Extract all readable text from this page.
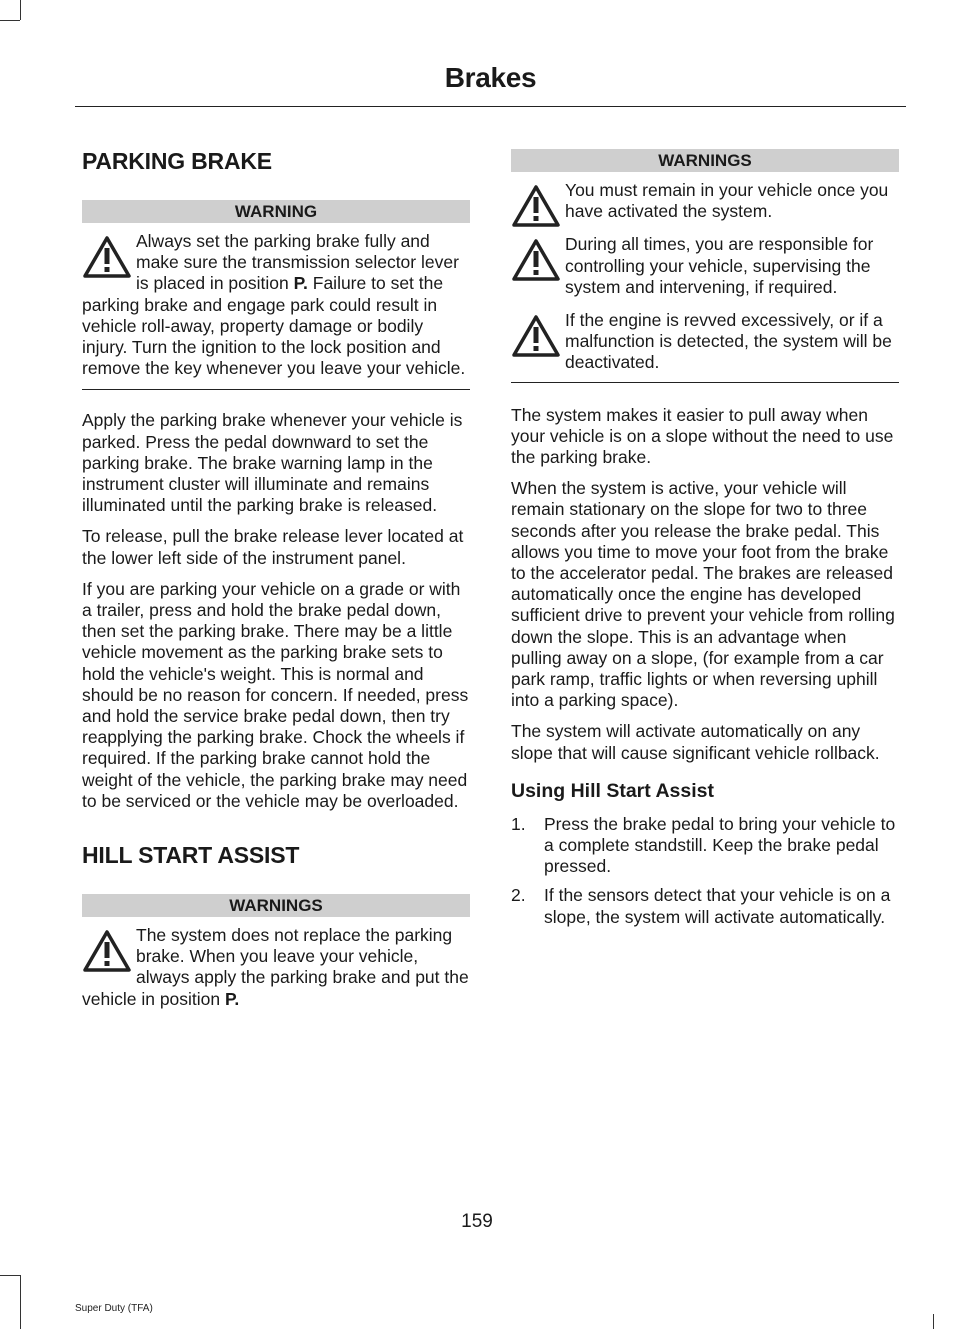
Brakes
PARKING BRAKE
WARNING
Always set the parking brake fully and make sure the transmission selector lever is placed in position P. Failure to set the parking brake and engage park could result in vehicle roll-away, property damage or bodily injury. Turn the ignition to the lock position and remove the key whenever you leave your vehicle.

Apply the parking brake whenever your vehicle is parked. Press the pedal downward to set the parking brake. The brake warning lamp in the instrument cluster will illuminate and remains illuminated until the parking brake is released.

To release, pull the brake release lever located at the lower left side of the instrument panel.

If you are parking your vehicle on a grade or with a trailer, press and hold the brake pedal down, then set the parking brake. There may be a little vehicle movement as the parking brake sets to hold the vehicle's weight. This is normal and should be no reason for concern. If needed, press and hold the service brake pedal down, then try reapplying the parking brake. Chock the wheels if required. If the parking brake cannot hold the weight of the vehicle, the parking brake may need to be serviced or the vehicle may be overloaded.

HILL START ASSIST
WARNINGS
The system does not replace the parking brake. When you leave your vehicle, always apply the parking brake and put the vehicle in position P.
WARNINGS
You must remain in your vehicle once you have activated the system.
During all times, you are responsible for controlling your vehicle, supervising the system and intervening, if required.
If the engine is revved excessively, or if a malfunction is detected, the system will be deactivated.

The system makes it easier to pull away when your vehicle is on a slope without the need to use the parking brake.

When the system is active, your vehicle will remain stationary on the slope for two to three seconds after you release the brake pedal. This allows you time to move your foot from the brake to the accelerator pedal. The brakes are released automatically once the engine has developed sufficient drive to prevent your vehicle from rolling down the slope. This is an advantage when pulling away on a slope, (for example from a car park ramp, traffic lights or when reversing uphill into a parking space).

The system will activate automatically on any slope that will cause significant vehicle rollback.

Using Hill Start Assist
1.	Press the brake pedal to bring your vehicle to a complete standstill. Keep the brake pedal pressed.
2.	If the sensors detect that your vehicle is on a slope, the system will activate automatically.
159
Super Duty (TFA)
